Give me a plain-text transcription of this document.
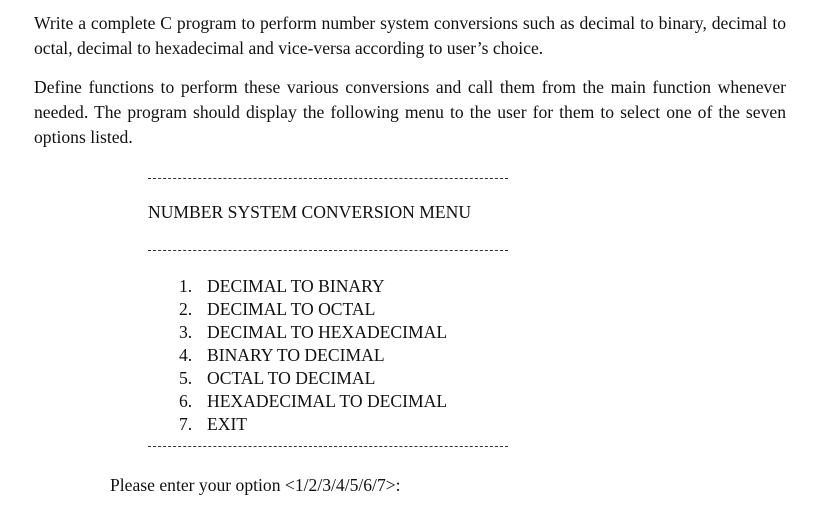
Write a complete C program to perform number system conversions such as decimal to binary, decimal to octal, decimal to hexadecimal and vice-versa according to user’s choice.

Define functions to perform these various conversions and call them from the main function whenever needed. The program should display the following menu to the user for them to select one of the seven options listed.

NUMBER SYSTEM CONVERSION MENU
1. DECIMAL TO BINARY
2. DECIMAL TO OCTAL
3. DECIMAL TO HEXADECIMAL
4. BINARY TO DECIMAL
5. OCTAL TO DECIMAL
6. HEXADECIMAL TO DECIMAL
7. EXIT
Please enter your option <1/2/3/4/5/6/7>:
